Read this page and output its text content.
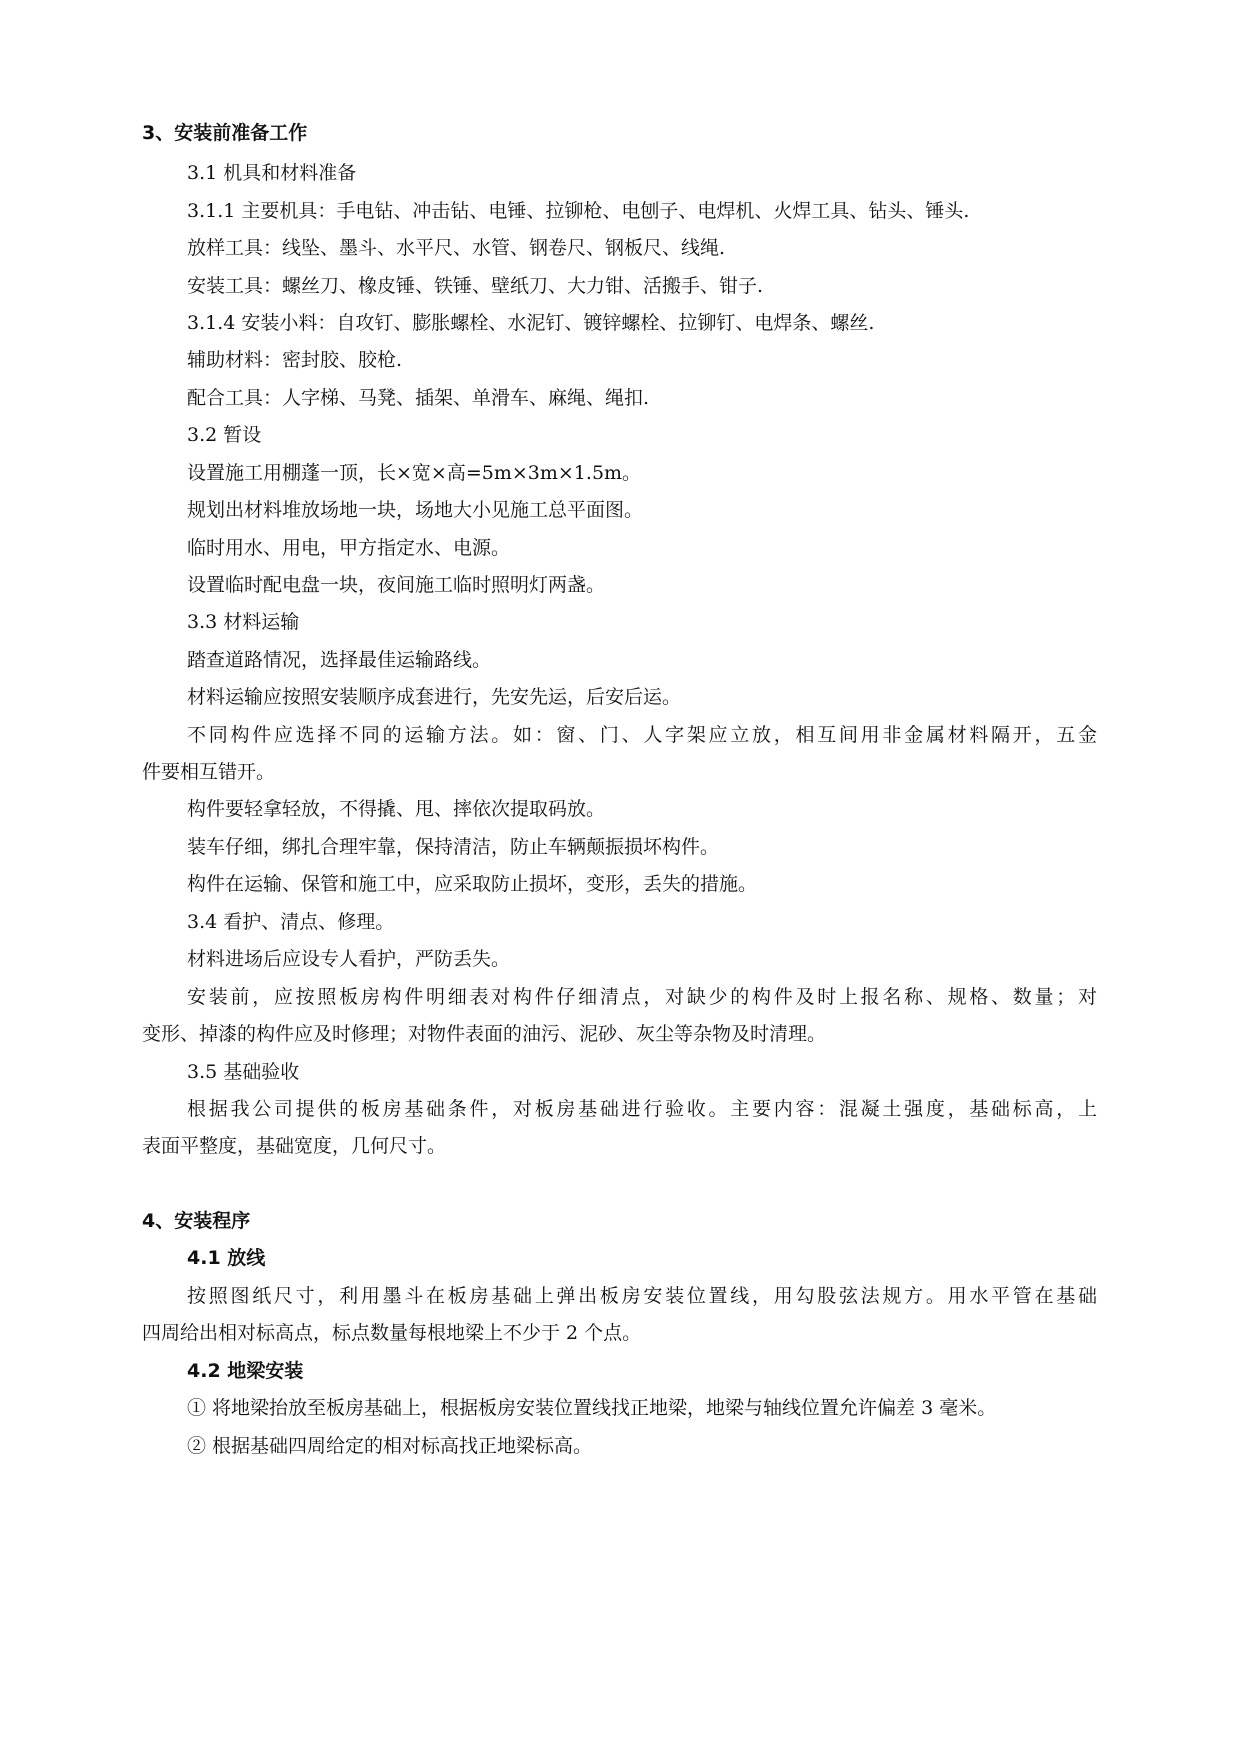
3、安装前准备工作
3.1 机具和材料准备
3.1.1 主要机具：手电钻、冲击钻、电锤、拉铆枪、电刨子、电焊机、火焊工具、钻头、锤头.
放样工具：线坠、墨斗、水平尺、水管、钢卷尺、钢板尺、线绳.
安装工具：螺丝刀、橡皮锤、铁锤、壁纸刀、大力钳、活搬手、钳子.
3.1.4 安装小料：自攻钉、膨胀螺栓、水泥钉、镀锌螺栓、拉铆钉、电焊条、螺丝.
辅助材料：密封胶、胶枪.
配合工具：人字梯、马凳、插架、单滑车、麻绳、绳扣.
3.2 暂设
设置施工用棚蓬一顶，长×宽×高=5m×3m×1.5m。
规划出材料堆放场地一块，场地大小见施工总平面图。
临时用水、用电，甲方指定水、电源。
设置临时配电盘一块，夜间施工临时照明灯两盏。
3.3 材料运输
踏查道路情况，选择最佳运输路线。
材料运输应按照安装顺序成套进行，先安先运，后安后运。
不同构件应选择不同的运输方法。如：窗、门、人字架应立放，相互间用非金属材料隔开，五金
件要相互错开。
构件要轻拿轻放，不得撬、甩、摔依次提取码放。
装车仔细，绑扎合理牢靠，保持清洁，防止车辆颠振损坏构件。
构件在运输、保管和施工中，应采取防止损坏，变形，丢失的措施。
3.4 看护、清点、修理。
材料进场后应设专人看护，严防丢失。
安装前，应按照板房构件明细表对构件仔细清点，对缺少的构件及时上报名称、规格、数量；对
变形、掉漆的构件应及时修理；对物件表面的油污、泥砂、灰尘等杂物及时清理。
3.5 基础验收
根据我公司提供的板房基础条件，对板房基础进行验收。主要内容：混凝土强度，基础标高，上
表面平整度，基础宽度，几何尺寸。
4、安装程序
4.1 放线
按照图纸尺寸，利用墨斗在板房基础上弹出板房安装位置线，用勾股弦法规方。用水平管在基础
四周给出相对标高点，标点数量每根地梁上不少于 2 个点。
4.2 地梁安装
① 将地梁抬放至板房基础上，根据板房安装位置线找正地梁，地梁与轴线位置允许偏差 3 毫米。
② 根据基础四周给定的相对标高找正地梁标高。
